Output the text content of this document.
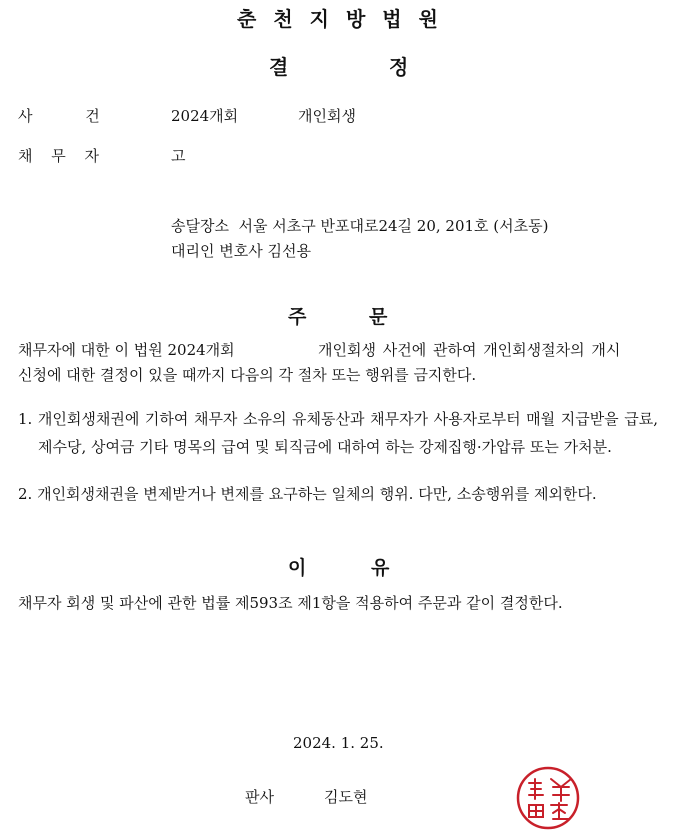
춘천지방법원
결	정
사 건	2024개회	개인회생
채 무 자	고
송달장소  서울 서초구 반포대로24길 20, 201호 (서초동)
대리인 변호사 김선용
주	문
채무자에 대한 이 법원 2024개회	개인회생 사건에 관하여 개인회생절차의 개시
신청에 대한 결정이 있을 때까지 다음의 각 절차 또는 행위를 금지한다.
1. 개인회생채권에 기하여 채무자 소유의 유체동산과 채무자가 사용자로부터 매월 지급받을 급료, 제수당, 상여금 기타 명목의 급여 및 퇴직금에 대하여 하는 강제집행·가압류 또는 가처분.
2. 개인회생채권을 변제받거나 변제를 요구하는 일체의 행위. 다만, 소송행위를 제외한다.
이	유
채무자 회생 및 파산에 관한 법률 제593조 제1항을 적용하여 주문과 같이 결정한다.
2024. 1. 25.
판사	김도현
